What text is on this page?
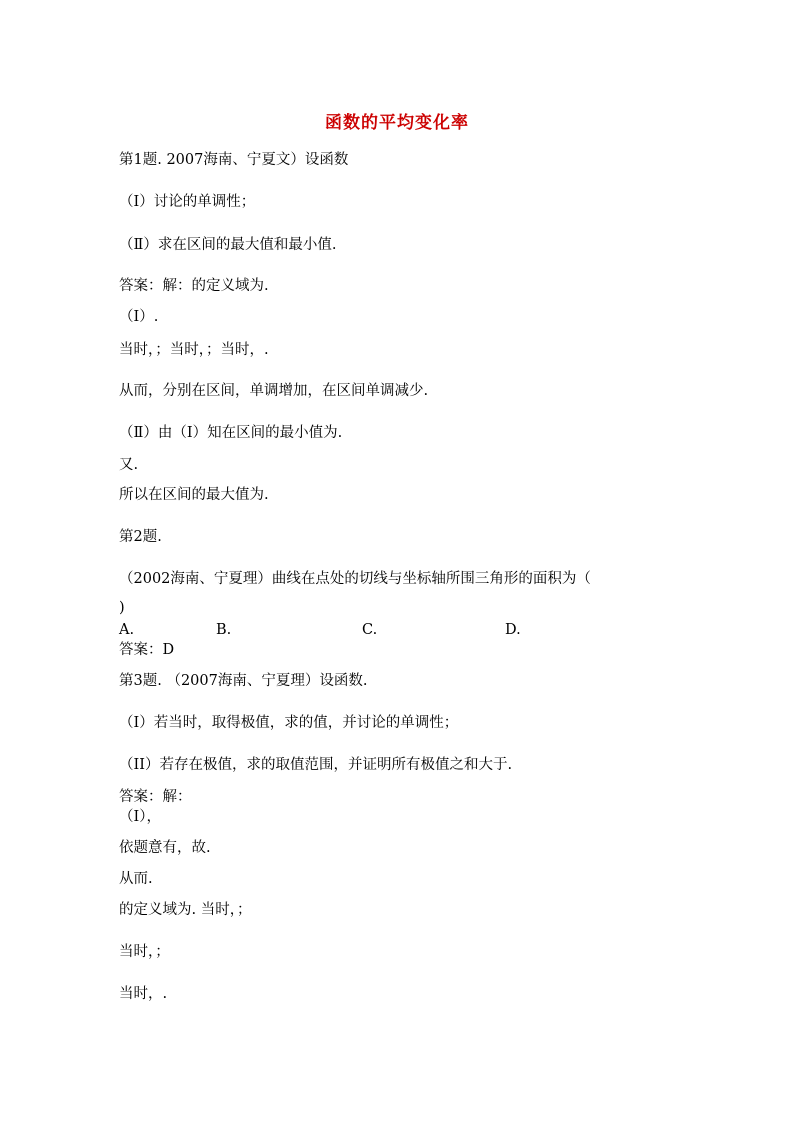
函数的平均变化率
第1题. 2007海南、宁夏文）设函数
（Ⅰ）讨论的单调性；
（Ⅱ）求在区间的最大值和最小值.
答案：解：的定义域为.
（Ⅰ）.
当时，；当时，；当时，.
从而，分别在区间，单调增加，在区间单调减少.
（Ⅱ）由（Ⅰ）知在区间的最小值为.
又.
所以在区间的最大值为.
第2题.
（2002海南、宁夏理）曲线在点处的切线与坐标轴所围三角形的面积为（
)
A.	B.	C.	D.
答案：D
第3题. （2007海南、宁夏理）设函数.
（I）若当时，取得极值，求的值，并讨论的单调性；
（II）若存在极值，求的取值范围，并证明所有极值之和大于.
答案：解：
（Ⅰ），
依题意有，故.
从而.
的定义域为. 当时，；
当时，；
当时，.
